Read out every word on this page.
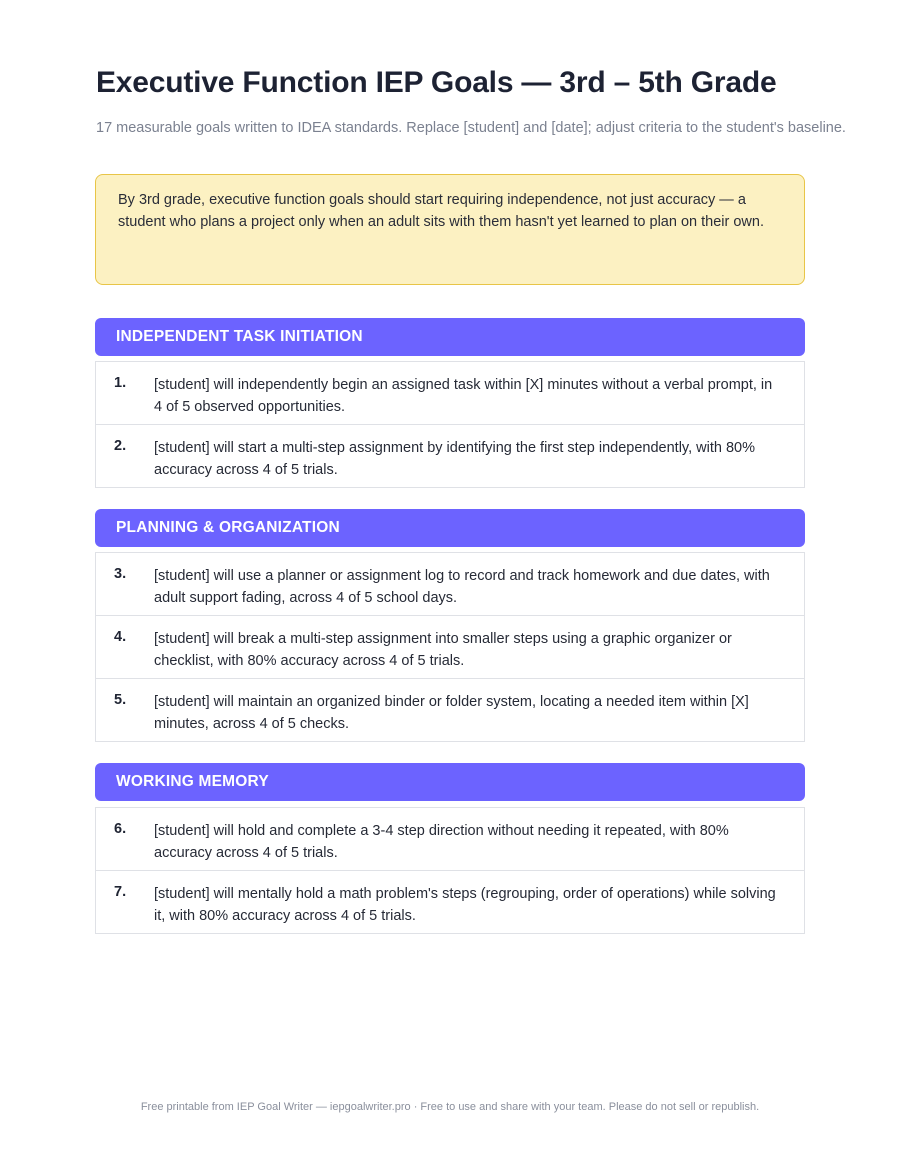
Executive Function IEP Goals — 3rd – 5th Grade

17 measurable goals written to IDEA standards. Replace [student] and [date]; adjust criteria to the student's baseline.

By 3rd grade, executive function goals should start requiring independence, not just accuracy — a student who plans a project only when an adult sits with them hasn't yet learned to plan on their own.
INDEPENDENT TASK INITIATION
1. [student] will independently begin an assigned task within [X] minutes without a verbal prompt, in 4 of 5 observed opportunities.
2. [student] will start a multi-step assignment by identifying the first step independently, with 80% accuracy across 4 of 5 trials.
PLANNING & ORGANIZATION
3. [student] will use a planner or assignment log to record and track homework and due dates, with adult support fading, across 4 of 5 school days.
4. [student] will break a multi-step assignment into smaller steps using a graphic organizer or checklist, with 80% accuracy across 4 of 5 trials.
5. [student] will maintain an organized binder or folder system, locating a needed item within [X] minutes, across 4 of 5 checks.
WORKING MEMORY
6. [student] will hold and complete a 3-4 step direction without needing it repeated, with 80% accuracy across 4 of 5 trials.
7. [student] will mentally hold a math problem's steps (regrouping, order of operations) while solving it, with 80% accuracy across 4 of 5 trials.
Free printable from IEP Goal Writer — iepgoalwriter.pro · Free to use and share with your team. Please do not sell or republish.
